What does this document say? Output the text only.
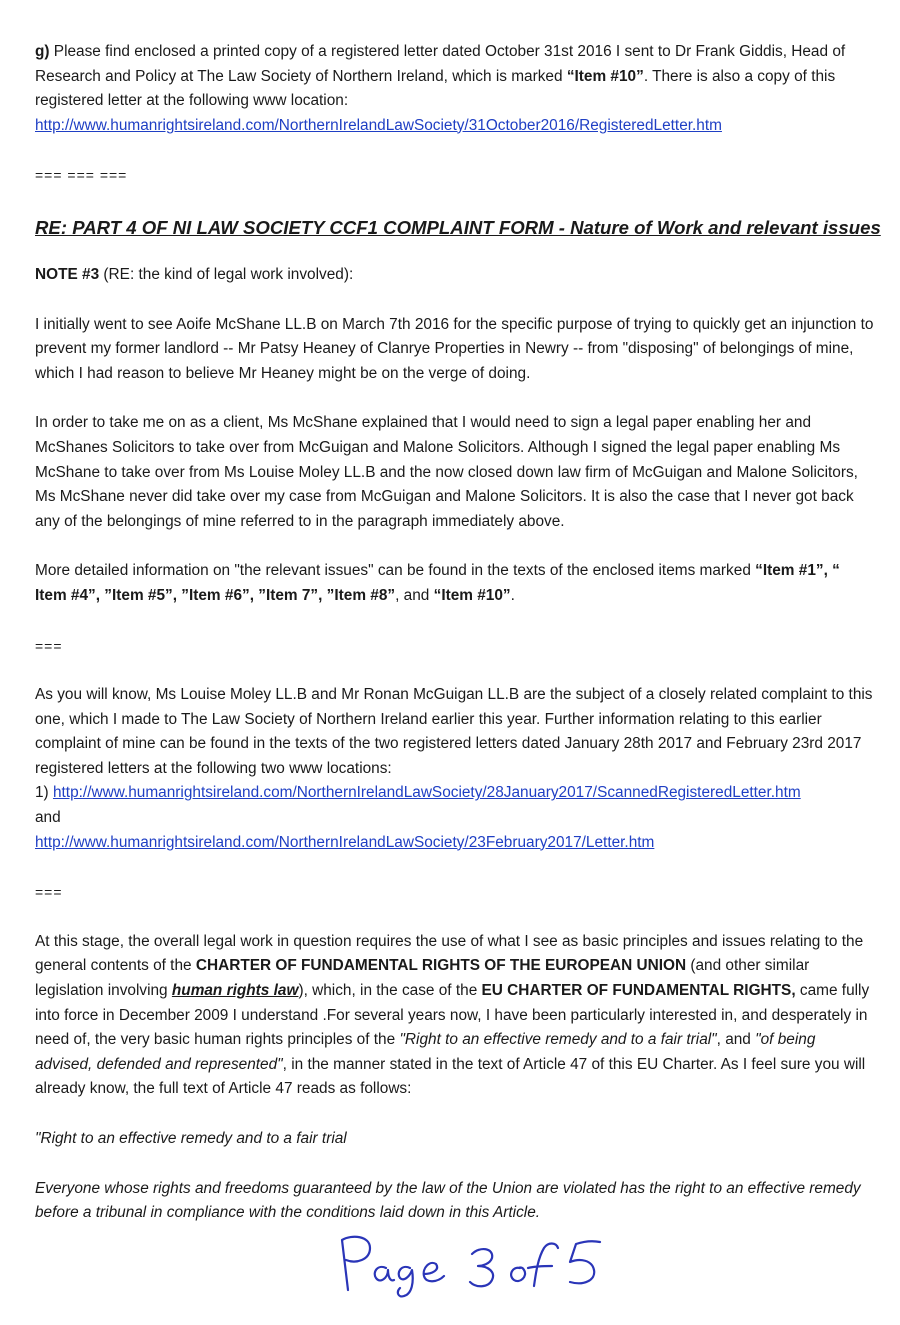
g) Please find enclosed a printed copy of a registered letter dated October 31st 2016 I sent to Dr Frank Giddis, Head of Research and Policy at The Law Society of Northern Ireland, which is marked “Item #10”. There is also a copy of this registered letter at the following www location:
http://www.humanrightsireland.com/NorthernIrelandLawSociety/31October2016/RegisteredLetter.htm

=== === ===

RE: PART 4 OF NI LAW SOCIETY CCF1 COMPLAINT FORM - Nature of Work and relevant issues

NOTE #3 (RE: the kind of legal work involved):

I initially went to see Aoife McShane LL.B on March 7th 2016 for the specific purpose of trying to quickly get an injunction to prevent my former landlord -- Mr Patsy Heaney of Clanrye Properties in Newry -- from "disposing" of belongings of mine, which I had reason to believe Mr Heaney might be on the verge of doing.

In order to take me on as a client, Ms McShane explained that I would need to sign a legal paper enabling her and McShanes Solicitors to take over from McGuigan and Malone Solicitors. Although I signed the legal paper enabling Ms McShane to take over from Ms Louise Moley LL.B and the now closed down law firm of McGuigan and Malone Solicitors, Ms McShane never did take over my case from McGuigan and Malone Solicitors. It is also the case that I never got back any of the belongings of mine referred to in the paragraph immediately above.

More detailed information on "the relevant issues" can be found in the texts of the enclosed items marked “Item #1”, “ Item #4”, ”Item #5”, ”Item #6”, ”Item 7”, ”Item #8”, and “Item #10”.

===

As you will know, Ms Louise Moley LL.B and Mr Ronan McGuigan LL.B are the subject of a closely related complaint to this one, which I made to The Law Society of Northern Ireland earlier this year. Further information relating to this earlier complaint of mine can be found in the texts of the two registered letters dated January 28th 2017 and February 23rd 2017 registered letters at the following two www locations:
1) http://www.humanrightsireland.com/NorthernIrelandLawSociety/28January2017/ScannedRegisteredLetter.htm
and
http://www.humanrightsireland.com/NorthernIrelandLawSociety/23February2017/Letter.htm

===

At this stage, the overall legal work in question requires the use of what I see as basic principles and issues relating to the general contents of the CHARTER OF FUNDAMENTAL RIGHTS OF THE EUROPEAN UNION (and other similar legislation involving human rights law), which, in the case of the EU CHARTER OF FUNDAMENTAL RIGHTS, came fully into force in December 2009 I understand .For several years now, I have been particularly interested in, and desperately in need of, the very basic human rights principles of the "Right to an effective remedy and to a fair trial", and "of being advised, defended and represented", in the manner stated in the text of Article 47 of this EU Charter. As I feel sure you will already know, the full text of Article 47 reads as follows:

"Right to an effective remedy and to a fair trial

Everyone whose rights and freedoms guaranteed by the law of the Union are violated has the right to an effective remedy before a tribunal in compliance with the conditions laid down in this Article.
